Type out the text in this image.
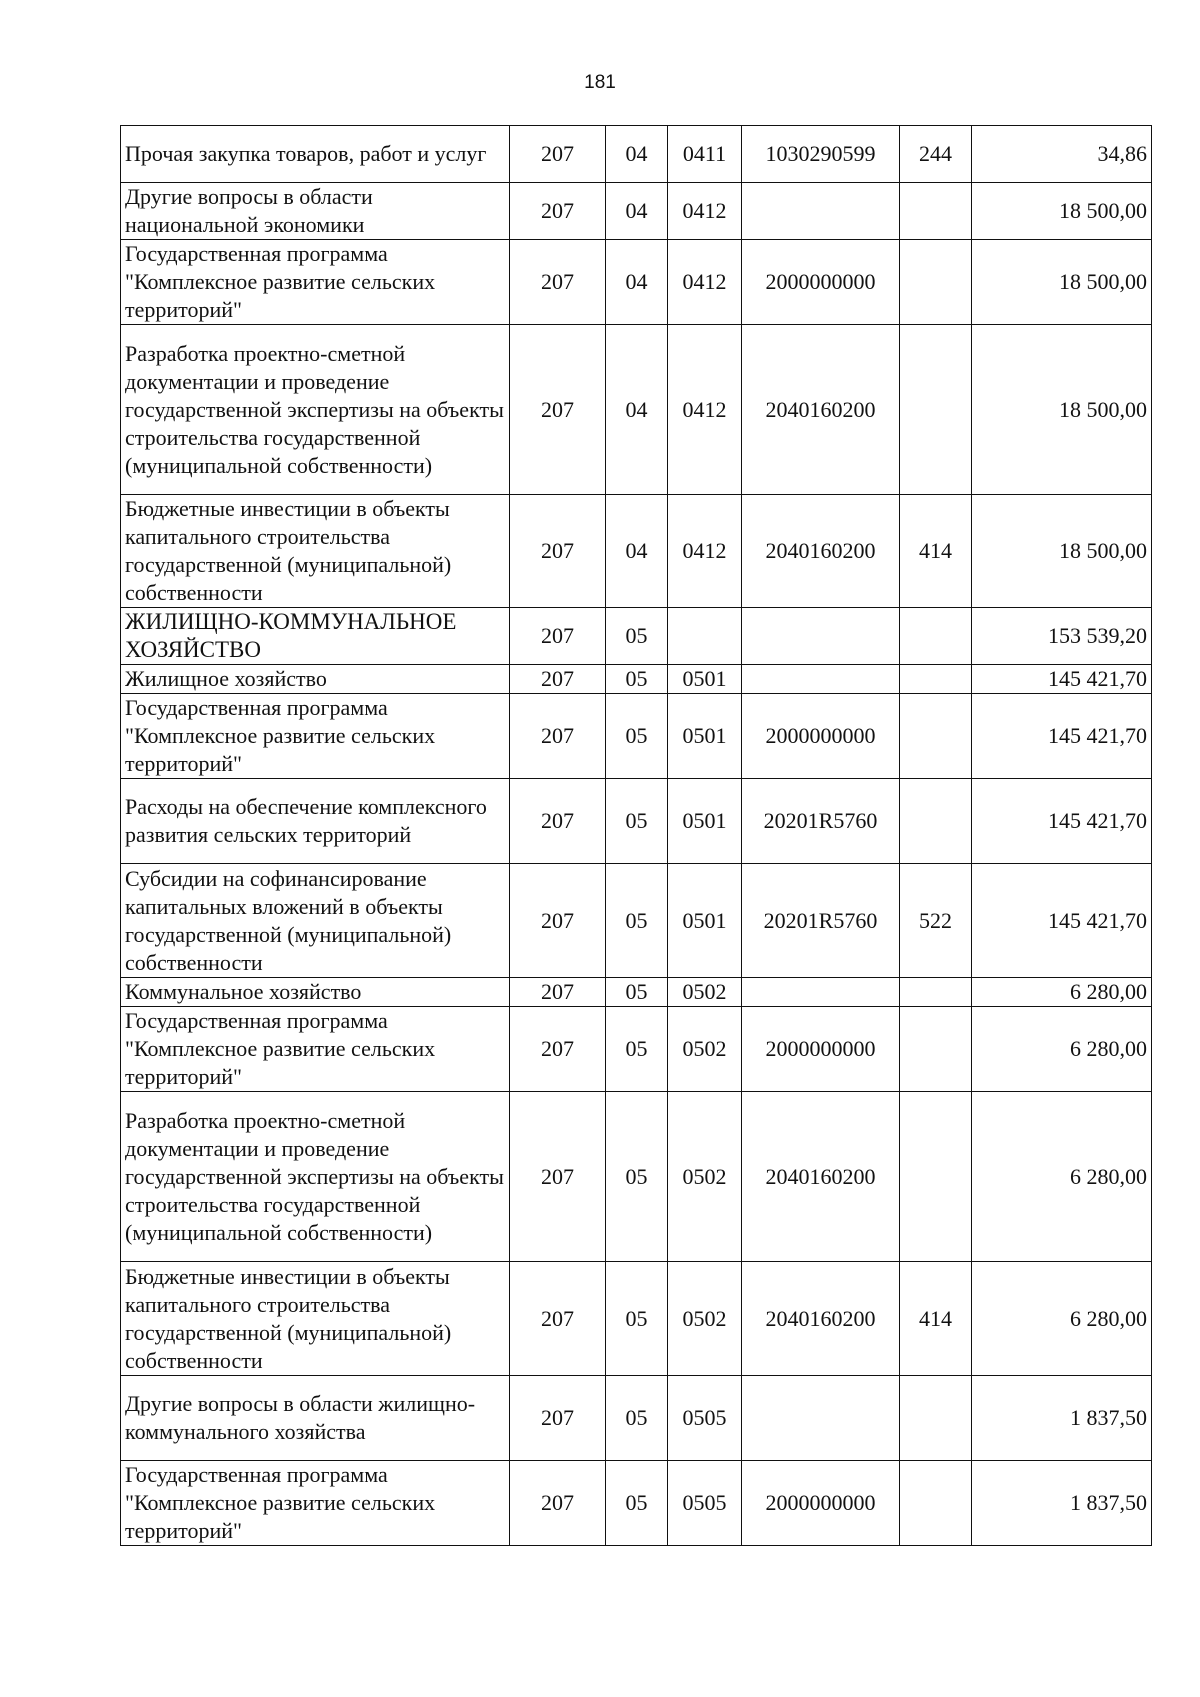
181
Прочая закупка товаров, работ и услуг	207	04	0411	1030290599	244	34,86
Другие вопросы в области национальной экономики	207	04	0412			18 500,00
Государственная программа "Комплексное развитие сельских территорий"	207	04	0412	2000000000		18 500,00
Разработка проектно-сметной документации и проведение государственной экспертизы на объекты строительства государственной (муниципальной собственности)	207	04	0412	2040160200		18 500,00
Бюджетные инвестиции в объекты капитального строительства государственной (муниципальной) собственности	207	04	0412	2040160200	414	18 500,00
ЖИЛИЩНО-КОММУНАЛЬНОЕ ХОЗЯЙСТВО	207	05				153 539,20
Жилищное хозяйство	207	05	0501			145 421,70
Государственная программа "Комплексное развитие сельских территорий"	207	05	0501	2000000000		145 421,70
Расходы на обеспечение комплексного развития сельских территорий	207	05	0501	20201R5760		145 421,70
Субсидии на софинансирование капитальных вложений в объекты государственной (муниципальной) собственности	207	05	0501	20201R5760	522	145 421,70
Коммунальное хозяйство	207	05	0502			6 280,00
Государственная программа "Комплексное развитие сельских территорий"	207	05	0502	2000000000		6 280,00
Разработка проектно-сметной документации и проведение государственной экспертизы на объекты строительства государственной (муниципальной собственности)	207	05	0502	2040160200		6 280,00
Бюджетные инвестиции в объекты капитального строительства государственной (муниципальной) собственности	207	05	0502	2040160200	414	6 280,00
Другие вопросы в области жилищно-коммунального хозяйства	207	05	0505			1 837,50
Государственная программа "Комплексное развитие сельских территорий"	207	05	0505	2000000000		1 837,50
